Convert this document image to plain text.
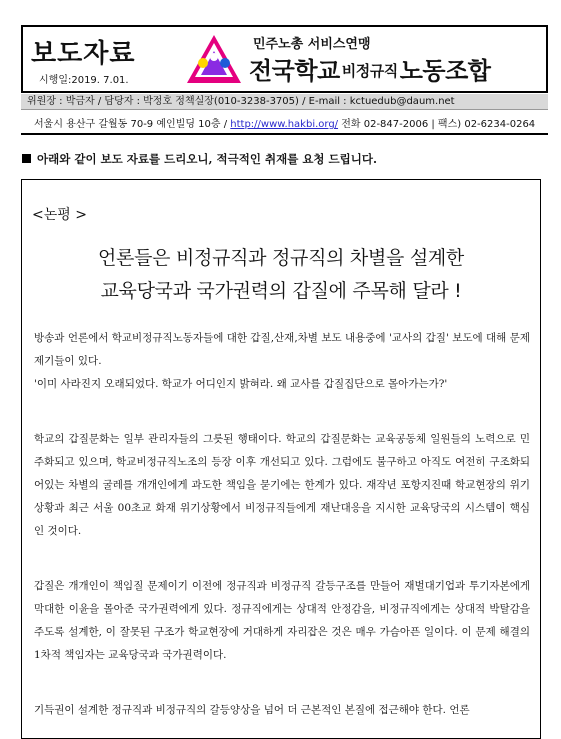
보도자료
시행일:2019. 7.01.
민주노총 서비스연맹
전국학교 비정규직노동조합
위원장 : 박금자 / 담당자 : 박정호 정책실장(010-3238-3705) / E-mail : kctuedub@daum.net
서울시 용산구 갈월동 70-9 예인빌딩 10층 / http://www.hakbi.org/ 전화 02-847-2006 | 팩스) 02-6234-0264
아래와 같이 보도 자료를 드리오니, 적극적인 취재를 요청 드립니다.
<논평 >
언론들은 비정규직과 정규직의 차별을 설계한
교육당국과 국가권력의 갑질에 주목해 달라 !

방송과 언론에서 학교비정규직노동자들에 대한 갑질,산재,차별 보도 내용중에 '교사의 갑질' 보도에 대해 문제제기들이 있다.

'이미 사라진지 오래되었다. 학교가 어디인지 밝혀라. 왜 교사를 갑질집단으로 몰아가는가?'

학교의 갑질문화는 일부 관리자들의 그릇된 행태이다. 학교의 갑질문화는 교육공동체 일원들의 노력으로 민주화되고 있으며, 학교비정규직노조의 등장 이후 개선되고 있다. 그럼에도 불구하고 아직도 여전히 구조화되어있는 차별의 굴레를 개개인에게 과도한 책임을 묻기에는 한계가 있다. 재작년 포항지진때 학교현장의 위기상황과 최근 서울 00초교 화재 위기상황에서 비정규직들에게 재난대응을 지시한 교육당국의 시스템이 핵심인 것이다.

갑질은 개개인이 책임질 문제이기 이전에 정규직과 비정규직 갈등구조를 만들어 재벌대기업과 투기자본에게 막대한 이윤을 몰아준 국가권력에게 있다. 정규직에게는 상대적 안정감을, 비정규직에게는 상대적 박탈감을 주도록 설계한, 이 잘못된 구조가 학교현장에 거대하게 자리잡은 것은 매우 가슴아픈 일이다. 이 문제 해결의 1차적 책임자는 교육당국과 국가권력이다.

기득권이 설계한 정규직과 비정규직의 갈등양상을 넘어 더 근본적인 본질에 접근해야 한다. 언론
